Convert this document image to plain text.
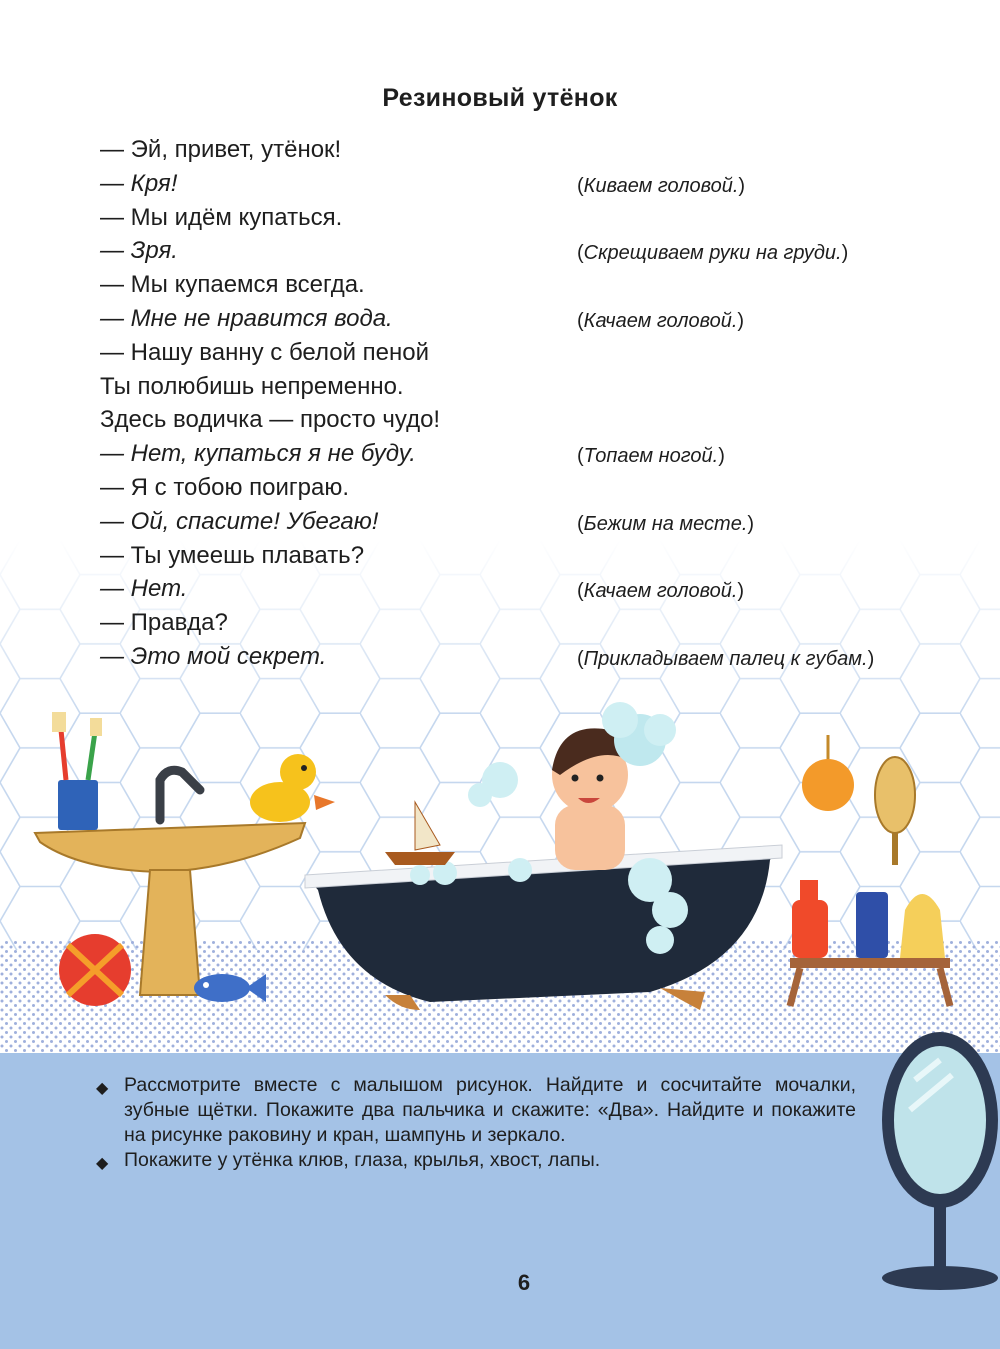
Резиновый утёнок
— Эй, привет, утёнок!
— Кря!	(Киваем головой.)
— Мы идём купаться.
— Зря.	(Скрещиваем руки на груди.)
— Мы купаемся всегда.
— Мне не нравится вода.	(Качаем головой.)
— Нашу ванну с белой пеной
Ты полюбишь непременно.
Здесь водичка — просто чудо!
— Нет, купаться я не буду.	(Топаем ногой.)
— Я с тобою поиграю.
— Ой, спасите! Убегаю!	(Бежим на месте.)
— Ты умеешь плавать?
— Нет.	(Качаем головой.)
— Правда?
— Это мой секрет.	(Прикладываем палец к губам.)
◆ Рассмотрите вместе с малышом рисунок. Найдите и сосчитайте мочалки, зубные щётки. Покажите два пальчика и скажите: «Два». Найдите и покажите на рисунке раковину и кран, шампунь и зеркало.
◆ Покажите у утёнка клюв, глаза, крылья, хвост, лапы.
6
